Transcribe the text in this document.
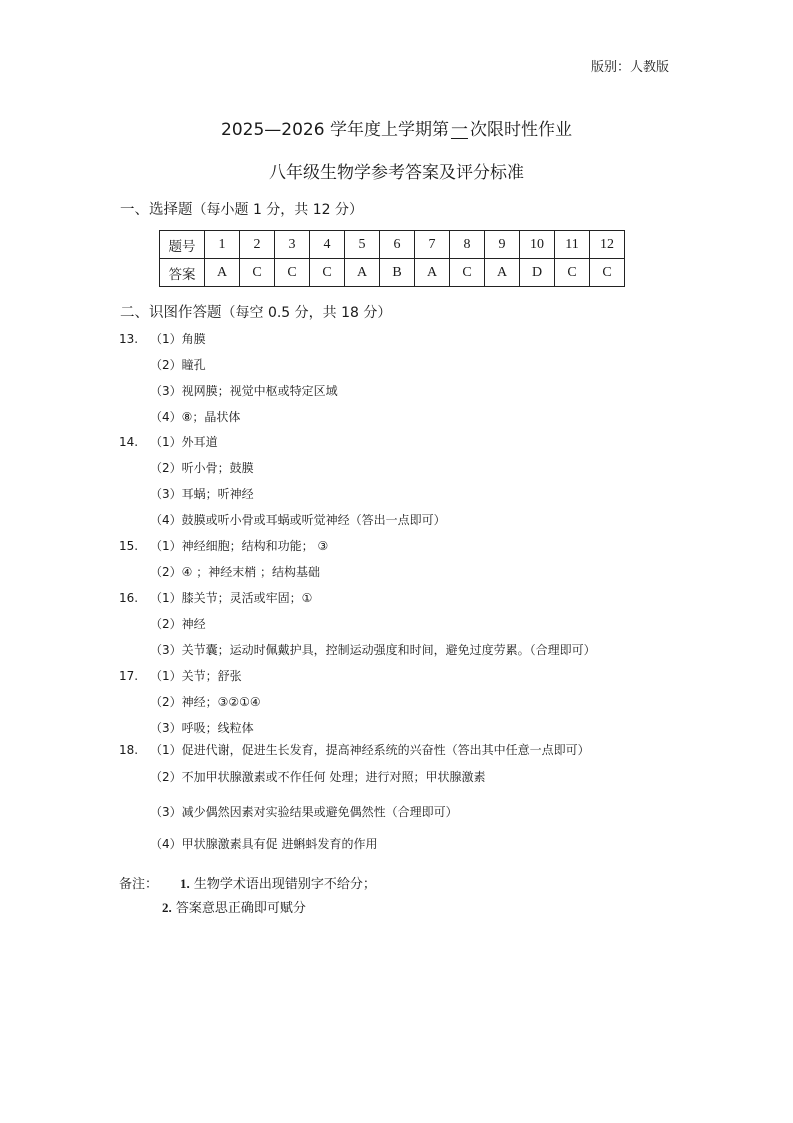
版别：人教版
2025—2026 学年度上学期第 一 次限时性作业
八年级生物学参考答案及评分标准
一、选择题（每小题 1 分，共 12 分）
题号	1	2	3	4	5	6	7	8	9	10	11	12
答案	A	C	C	C	A	B	A	C	A	D	C	C
二、识图作答题（每空 0.5 分，共 18 分）
13. （1）角膜
（2）瞳孔
（3）视网膜；视觉中枢或特定区域
（4）⑧；晶状体
14. （1）外耳道
（2）听小骨；鼓膜
（3）耳蜗；听神经
（4）鼓膜或听小骨或耳蜗或听觉神经（答出一点即可）
15. （1）神经细胞；结构和功能； ③
（2）④ ；神经末梢 ；结构基础
16. （1）膝关节；灵活或牢固；①
（2）神经
（3）关节囊；运动时佩戴护具，控制运动强度和时间，避免过度劳累。（合理即可）
17. （1）关节；舒张
（2）神经；③②①④
（3）呼吸；线粒体
18. （1）促进代谢，促进生长发育，提高神经系统的兴奋性（答出其中任意一点即可）
（2）不加甲状腺激素或不作任何 处理；进行对照；甲状腺激素
（3）减少偶然因素对实验结果或避免偶然性（合理即可）
（4）甲状腺激素具有促 进蝌蚪发育的作用
备注： 1. 生物学术语出现错别字不给分；
2. 答案意思正确即可赋分
